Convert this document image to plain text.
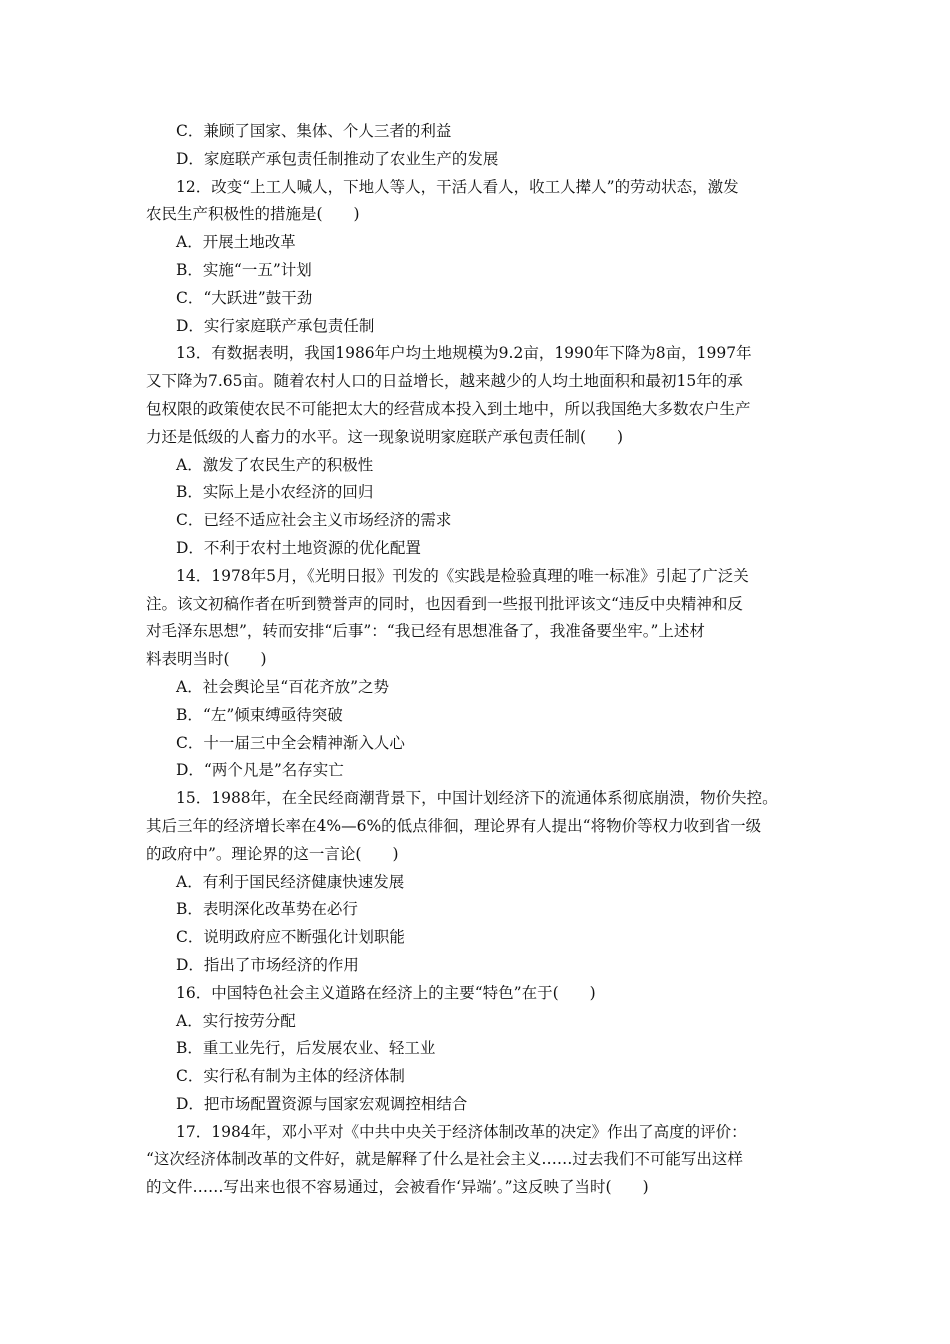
C．兼顾了国家、集体、个人三者的利益
D．家庭联产承包责任制推动了农业生产的发展
12．改变“上工人喊人，下地人等人，干活人看人，收工人撵人”的劳动状态，激发
农民生产积极性的措施是(　　)
A．开展土地改革
B．实施“一五”计划
C．“大跃进”鼓干劲
D．实行家庭联产承包责任制
13．有数据表明，我国1986年户均土地规模为9.2亩，1990年下降为8亩，1997年
又下降为7.65亩。随着农村人口的日益增长，越来越少的人均土地面积和最初15年的承
包权限的政策使农民不可能把太大的经营成本投入到土地中，所以我国绝大多数农户生产
力还是低级的人畜力的水平。这一现象说明家庭联产承包责任制(　　)
A．激发了农民生产的积极性
B．实际上是小农经济的回归
C．已经不适应社会主义市场经济的需求
D．不利于农村土地资源的优化配置
14．1978年5月，《光明日报》刊发的《实践是检验真理的唯一标准》引起了广泛关
注。该文初稿作者在听到赞誉声的同时，也因看到一些报刊批评该文“违反中央精神和反
对毛泽东思想”，转而安排“后事”：“我已经有思想准备了，我准备要坐牢。”上述材
料表明当时(　　)
A．社会舆论呈“百花齐放”之势
B．“左”倾束缚亟待突破
C．十一届三中全会精神渐入人心
D．“两个凡是”名存实亡
15．1988年，在全民经商潮背景下，中国计划经济下的流通体系彻底崩溃，物价失控。
其后三年的经济增长率在4%—6%的低点徘徊，理论界有人提出“将物价等权力收到省一级
的政府中”。理论界的这一言论(　　)
A．有利于国民经济健康快速发展
B．表明深化改革势在必行
C．说明政府应不断强化计划职能
D．指出了市场经济的作用
16．中国特色社会主义道路在经济上的主要“特色”在于(　　)
A．实行按劳分配
B．重工业先行，后发展农业、轻工业
C．实行私有制为主体的经济体制
D．把市场配置资源与国家宏观调控相结合
17．1984年，邓小平对《中共中央关于经济体制改革的决定》作出了高度的评价：
“这次经济体制改革的文件好，就是解释了什么是社会主义……过去我们不可能写出这样
的文件……写出来也很不容易通过，会被看作‘异端’。”这反映了当时(　　)
